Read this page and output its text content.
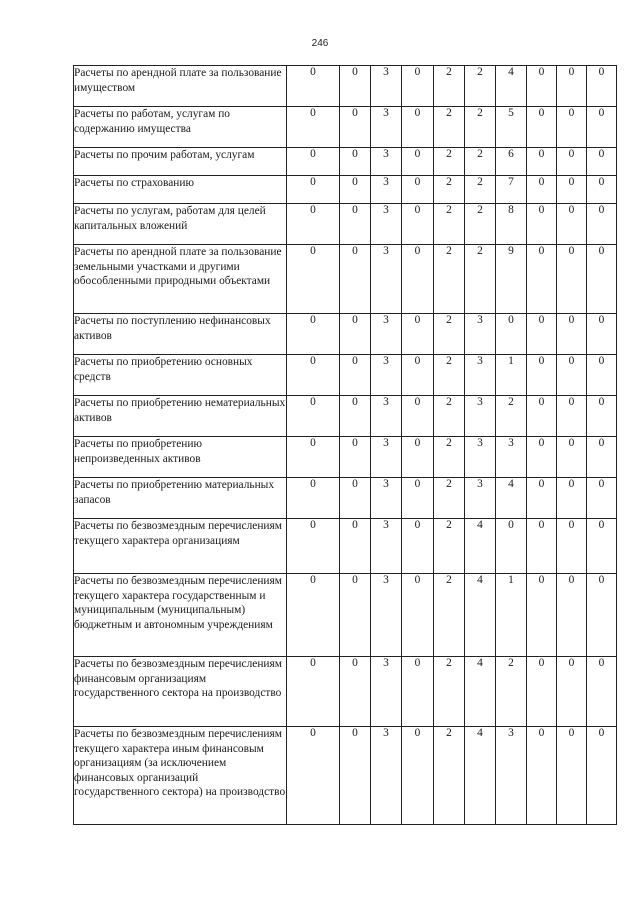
246
Расчеты по арендной плате за пользование имуществом	0	0	3	0	2	2	4	0	0	0
Расчеты по работам, услугам по содержанию имущества	0	0	3	0	2	2	5	0	0	0
Расчеты по прочим работам, услугам	0	0	3	0	2	2	6	0	0	0
Расчеты по страхованию	0	0	3	0	2	2	7	0	0	0
Расчеты по услугам, работам для целей капитальных вложений	0	0	3	0	2	2	8	0	0	0
Расчеты по арендной плате за пользование земельными участками и другими обособленными природными объектами	0	0	3	0	2	2	9	0	0	0
Расчеты по поступлению нефинансовых активов	0	0	3	0	2	3	0	0	0	0
Расчеты по приобретению основных средств	0	0	3	0	2	3	1	0	0	0
Расчеты по приобретению нематериальных активов	0	0	3	0	2	3	2	0	0	0
Расчеты по приобретению непроизведенных активов	0	0	3	0	2	3	3	0	0	0
Расчеты по приобретению материальных запасов	0	0	3	0	2	3	4	0	0	0
Расчеты по безвозмездным перечислениям текущего характера организациям	0	0	3	0	2	4	0	0	0	0
Расчеты по безвозмездным перечислениям текущего характера государственным и муниципальным (муниципальным) бюджетным и автономным учреждениям	0	0	3	0	2	4	1	0	0	0
Расчеты по безвозмездным перечислениям финансовым организациям государственного сектора на производство	0	0	3	0	2	4	2	0	0	0
Расчеты по безвозмездным перечислениям текущего характера иным финансовым организациям (за исключением финансовых организаций государственного сектора) на производство	0	0	3	0	2	4	3	0	0	0
